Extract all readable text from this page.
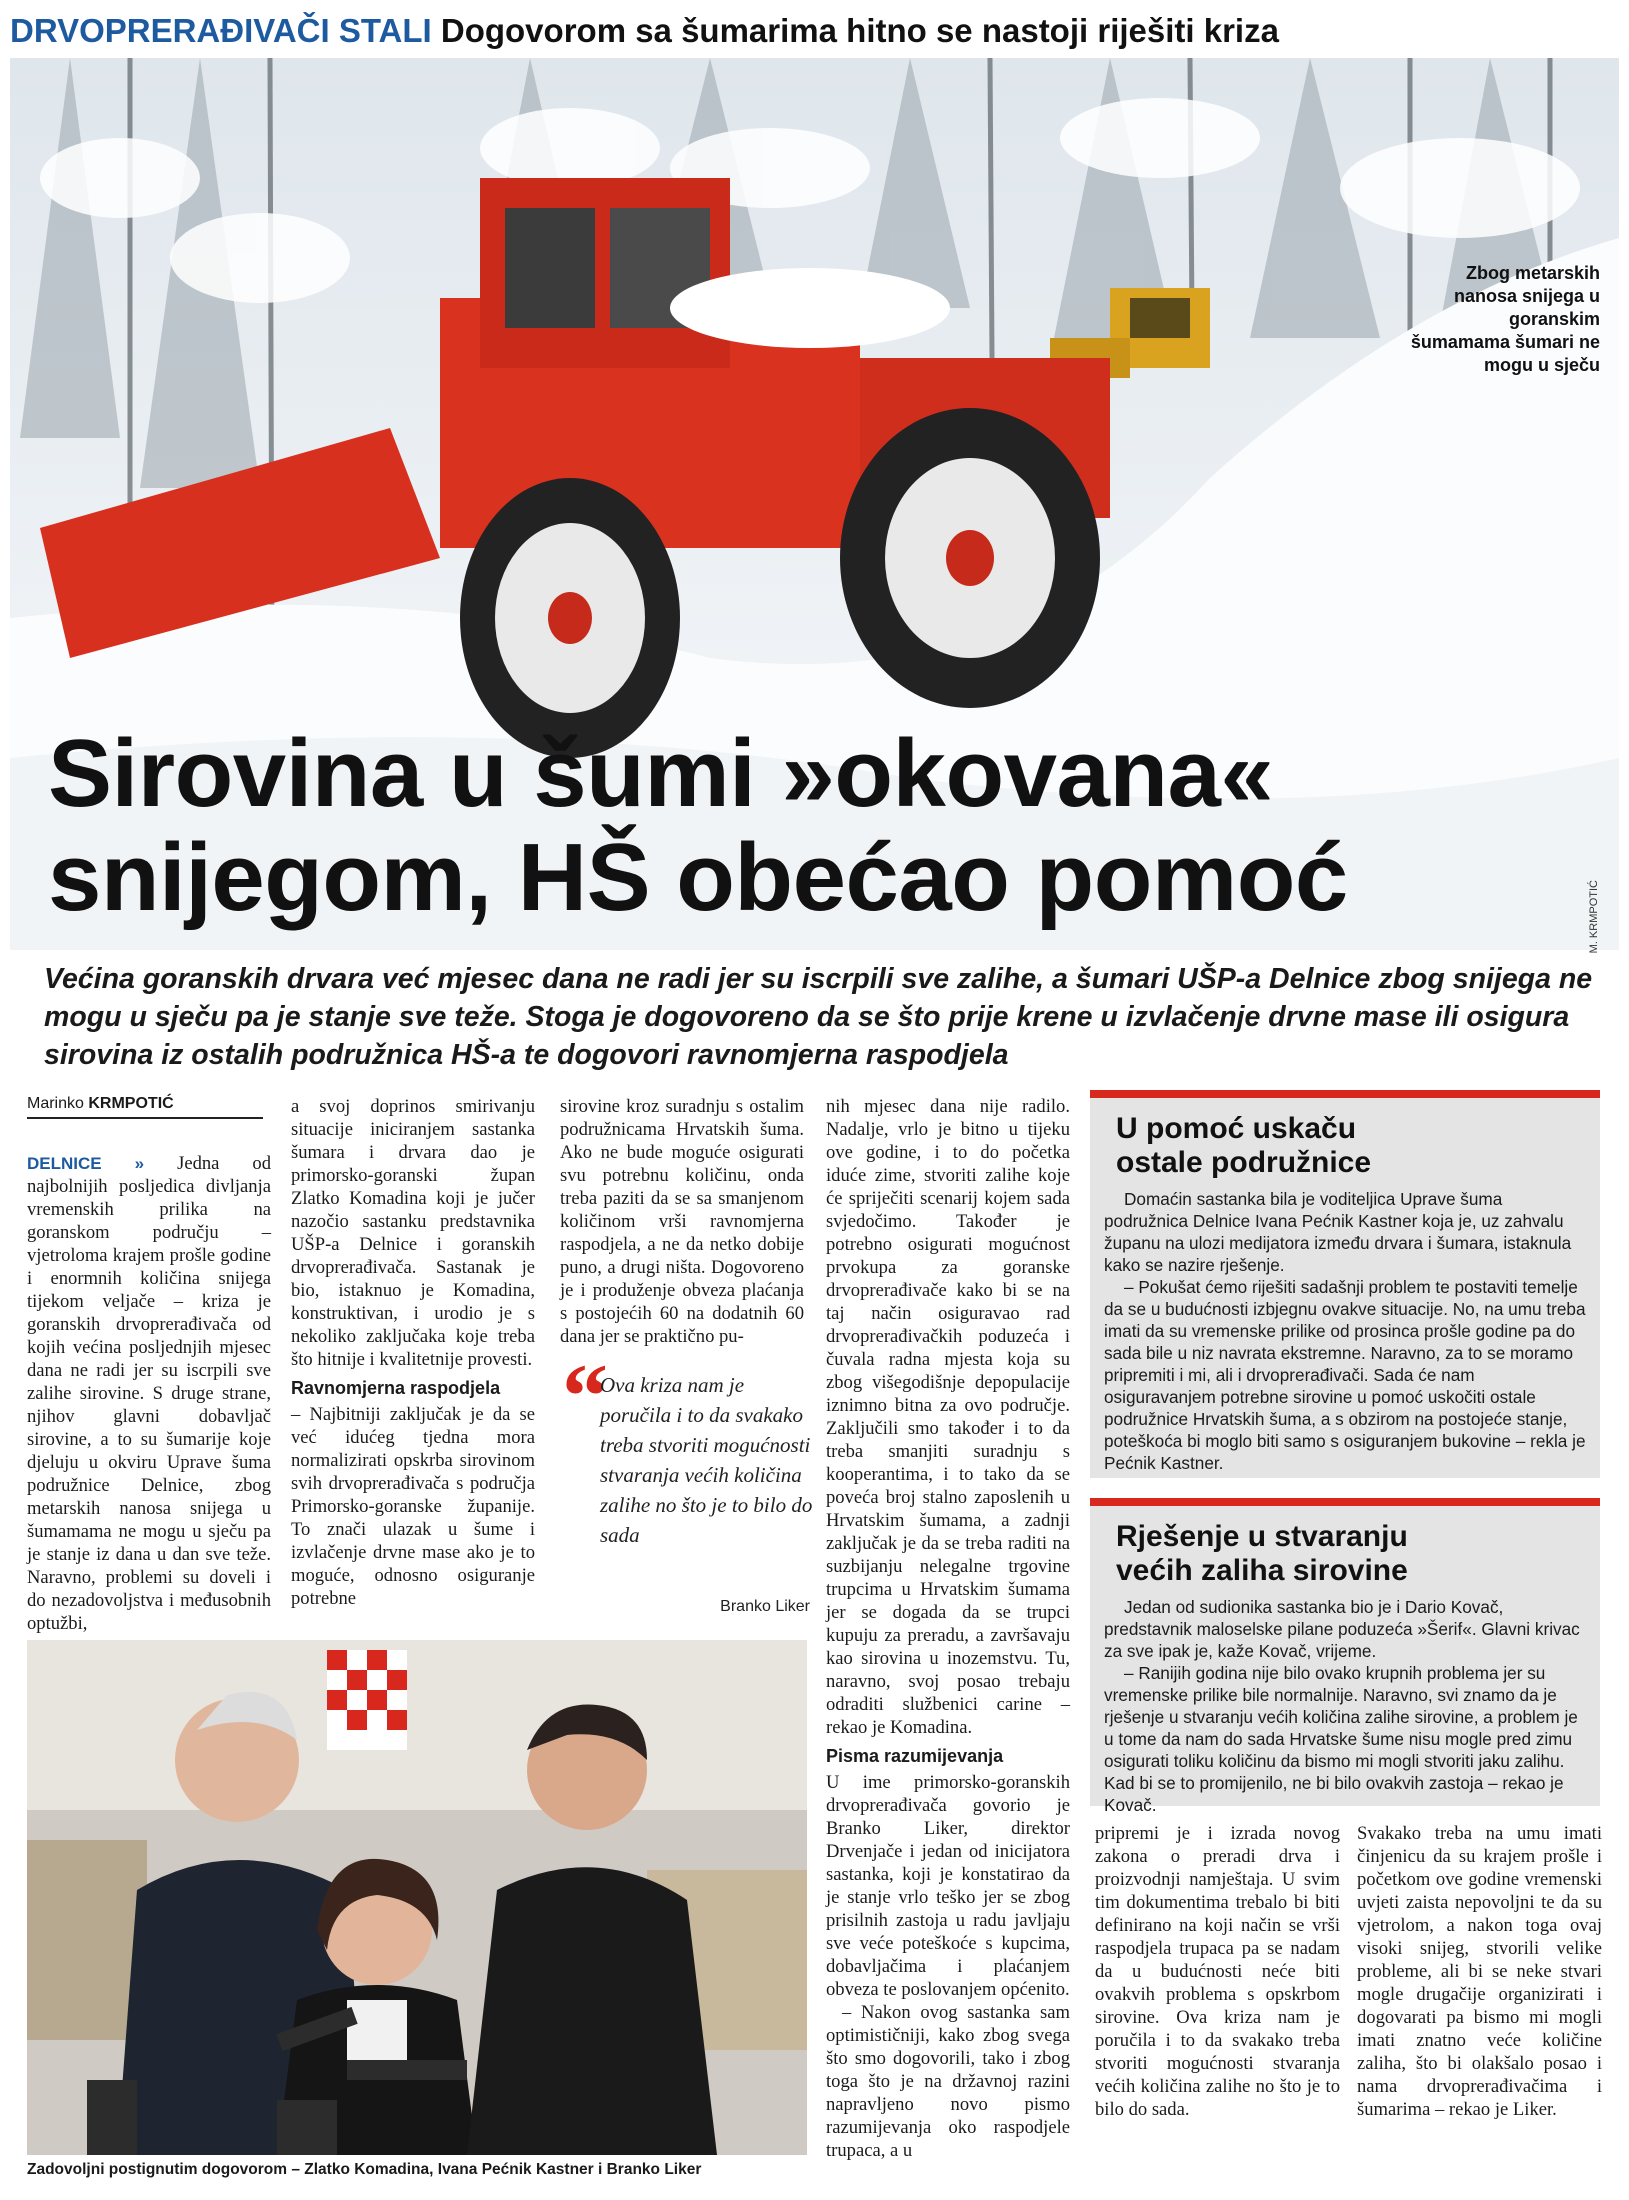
DRVOPRERAĐIVAČI STALI Dogovorom sa šumarima hitno se nastoji riješiti kriza
Zbog metarskih nanosa snijega u goranskim šumamama šumari ne mogu u sječu
M. KRMPOTIĆ
Sirovina u šumi »okovana«
snijegom, HŠ obećao pomoć
Većina goranskih drvara već mjesec dana ne radi jer su iscrpili sve zalihe, a šumari UŠP-a Delnice zbog snijega ne mogu u sječu pa je stanje sve teže. Stoga je dogovoreno da se što prije krene u izvlačenje drvne mase ili osigura sirovina iz ostalih podružnica HŠ-a te dogovori ravnomjerna raspodjela
Marinko KRMPOTIĆ

DELNICE » Jedna od najbolnijih posljedica divljanja vremenskih prilika na goranskom području – vjetrolomа krajem prošle godine i enormnih količina snijega tijekom veljače – kriza je goranskih drvoprerađivača od kojih većina posljednjih mjesec dana ne radi jer su iscrpili sve zalihe sirovine. S druge strane, njihov glavni dobavljač sirovine, a to su šumarije koje djeluju u okviru Uprave šuma podružnice Delnice, zbog metarskih nanosa snijega u šumamama ne mogu u sječu pa je stanje iz dana u dan sve teže. Naravno, problemi su doveli i do nezadovoljstva i međusobnih optužbi,

a svoj doprinos smirivanju situacije iniciranjem sastanka šumara i drvara dao je primorsko-goranski župan Zlatko Komadina koji je jučer nazočio sastanku predstavnika UŠP-a Delnice i goranskih drvoprerađivača. Sastanak je bio, istaknuo je Komadina, konstruktivan, i urodio je s nekoliko zaključaka koje treba što hitnije i kvalitetnije provesti.

Ravnomjerna raspodjela

– Najbitniji zaključak je da se već idućeg tjedna mora normalizirati opskrba sirovinom svih drvoprerađivača s područja Primorsko-goranske županije. To znači ulazak u šume i izvlačenje drvne mase ako je to moguće, odnosno osiguranje potrebne

sirovine kroz suradnju s ostalim podružnicama Hrvatskih šuma. Ako ne bude moguće osigurati svu potrebnu količinu, onda treba paziti da se sa smanjenom količinom vrši ravnomjerna raspodjela, a ne da netko dobije puno, a drugi ništa. Dogovoreno je i produženje obveza plaćanja s postojećih 60 na dodatnih 60 dana jer se praktično pu-

“
Ova kriza nam je poručila i to da svakako treba stvoriti mogućnosti stvaranja većih količina zalihe no što je to bilo do sada
Branko Liker

nih mjesec dana nije radilo. Nadalje, vrlo je bitno u tijeku ove godine, i to do početka iduće zime, stvoriti zalihe koje će spriječiti scenarij kojem sada svjedočimo. Također je potrebno osigurati mogućnost prvokupa za goranske drvoprerađivače kako bi se na taj način osiguravao rad drvoprerađivačkih poduzeća i čuvala radna mjesta koja su zbog višegodišnje depopulacije iznimno bitna za ovo područje. Zaključili smo također i to da treba smanjiti suradnju s kooperantima, i to tako da se poveća broj stalno zaposlenih u Hrvatskim šumama, a zadnji zaključak je da se treba raditi na suzbijanju nelegalne trgovine trupcima u Hrvatskim šumama jer se dogada da se trupci kupuju za preradu, a završavaju kao sirovina u inozemstvu. Tu, naravno, svoj posao trebaju odraditi službenici carine – rekao je Komadina.

Pisma razumijevanja

U ime primorsko-goranskih drvoprerađivača govorio je Branko Liker, direktor Drvenjače i jedan od inicijatora sastanka, koji je konstatirao da je stanje vrlo teško jer se zbog prisilnih zastoja u radu javljaju sve veće poteškoće s kupcima, dobavljačima i plaćanjem obveza te poslovanjem općenito.

– Nakon ovog sastanka sam optimističniji, kako zbog svega što smo dogovorili, tako i zbog toga što je na državnoj razini napravljeno novo pismo razumijevanja oko raspodjele trupaca, a u

pripremi je i izrada novog zakona o preradi drva i proizvodnji namještaja. U svim tim dokumentima trebalo bi biti definirano na koji način se vrši raspodjela trupaca pa se nadam da u budućnosti neće biti ovakvih problema s opskrbom sirovine. Ova kriza nam je poručila i to da svakako treba stvoriti mogućnosti stvaranja većih količina zalihe no što je to bilo do sada.

Svakako treba na umu imati činjenicu da su krajem prošle i početkom ove godine vremenski uvjeti zaista nepovoljni te da su vjetrolom, a nakon toga ovaj visoki snijeg, stvorili velike probleme, ali bi se neke stvari mogle drugačije organizirati i dogovarati pa bismo mi mogli imati znatno veće količine zaliha, što bi olakšalo posao i nama drvoprerađivačima i šumarima – rekao je Liker.

U pomoć uskaču
ostale podružnice

Domaćin sastanka bila je voditeljica Uprave šuma podružnica Delnice Ivana Pećnik Kastner koja je, uz zahvalu županu na ulozi medijatora između drvara i šumara, istaknula kako se nazire rješenje.

– Pokušat ćemo riješiti sadašnji problem te postaviti temelje da se u budućnosti izbjegnu ovakve situacije. No, na umu treba imati da su vremenske prilike od prosinca prošle godine pa do sada bile u niz navrata ekstremne. Naravno, za to se moramo pripremiti i mi, ali i drvoprerađivači. Sada će nam osiguravanjem potrebne sirovine u pomoć uskočiti ostale podružnice Hrvatskih šuma, a s obzirom na postojeće stanje, poteškoća bi moglo biti samo s osiguranjem bukovine – rekla je Pećnik Kastner.

Rješenje u stvaranju
većih zaliha sirovine

Jedan od sudionika sastanka bio je i Dario Kovač, predstavnik maloselske pilane poduzeća »Šerif«. Glavni krivac za sve ipak je, kaže Kovač, vrijeme.

– Ranijih godina nije bilo ovako krupnih problema jer su vremenske prilike bile normalnije. Naravno, svi znamo da je rješenje u stvaranju većih količina zalihe sirovine, a problem je u tome da nam do sada Hrvatske šume nisu mogle pred zimu osigurati toliku količinu da bismo mi mogli stvoriti jaku zalihu. Kad bi se to promijenilo, ne bi bilo ovakvih zastoja – rekao je Kovač.

Zadovoljni postignutim dogovorom – Zlatko Komadina, Ivana Pećnik Kastner i Branko Liker
